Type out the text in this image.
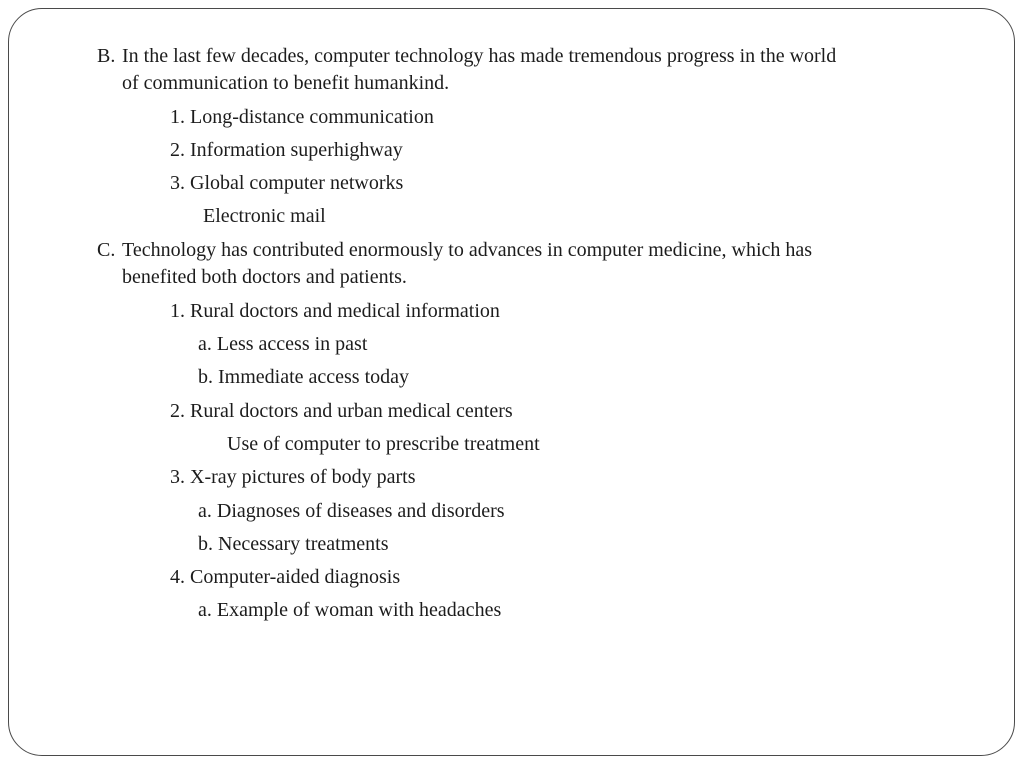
B. In the last few decades, computer technology has made tremendous progress in the world
of communication to benefit humankind.
1. Long-distance communication
2. Information superhighway
3. Global computer networks
Electronic mail
C. Technology has contributed enormously to advances in computer medicine, which has
benefited both doctors and patients.
1. Rural doctors and medical information
a. Less access in past
b. Immediate access today
2. Rural doctors and urban medical centers
Use of computer to prescribe treatment
3. X-ray pictures of body parts
a. Diagnoses of diseases and disorders
b. Necessary treatments
4. Computer-aided diagnosis
a. Example of woman with headaches
